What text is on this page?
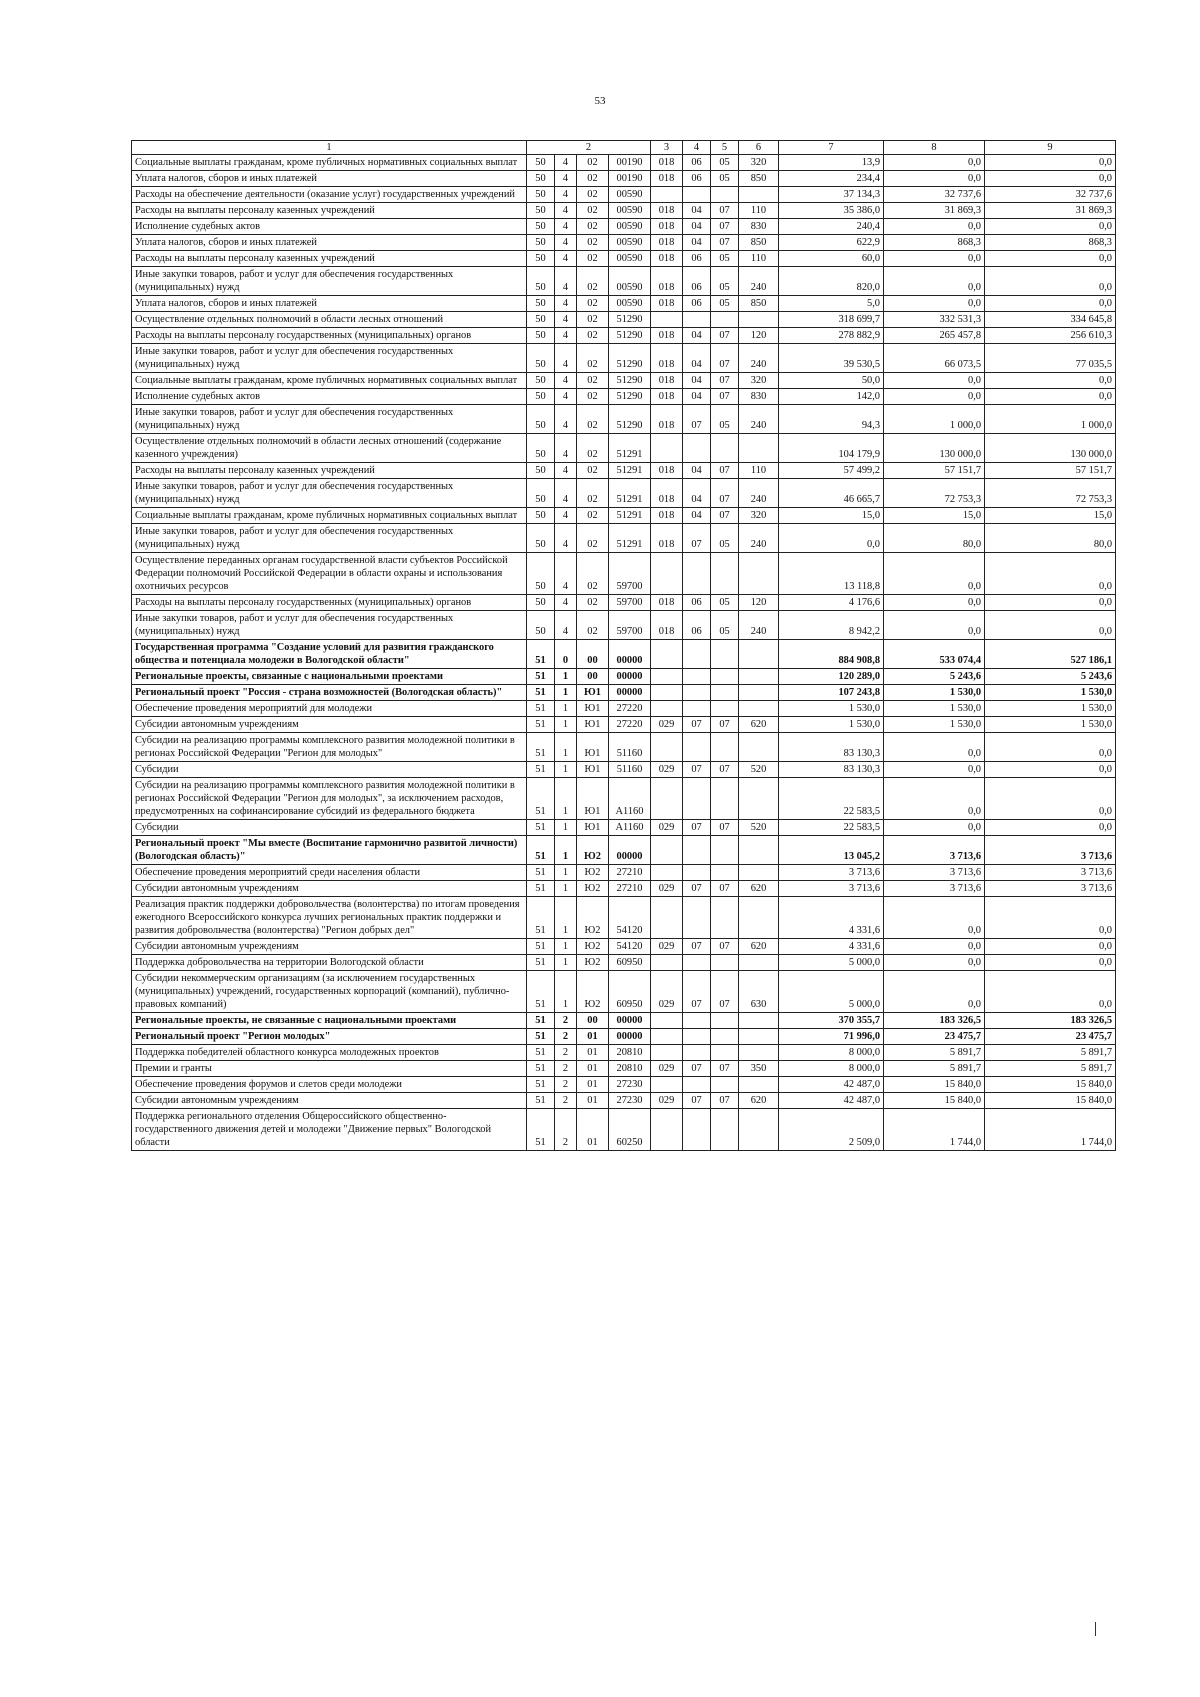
53
1	2				3	4	5	6	7	8	9
Социальные выплаты гражданам, кроме публичных нормативных социальных выплат	50	4	02	00190	018	06	05	320	13,9	0,0	0,0
Уплата налогов, сборов и иных платежей	50	4	02	00190	018	06	05	850	234,4	0,0	0,0
Расходы на обеспечение деятельности (оказание услуг) государственных учреждений	50	4	02	00590					37 134,3	32 737,6	32 737,6
Расходы на выплаты персоналу казенных учреждений	50	4	02	00590	018	04	07	110	35 386,0	31 869,3	31 869,3
Исполнение судебных актов	50	4	02	00590	018	04	07	830	240,4	0,0	0,0
Уплата налогов, сборов и иных платежей	50	4	02	00590	018	04	07	850	622,9	868,3	868,3
Расходы на выплаты персоналу казенных учреждений	50	4	02	00590	018	06	05	110	60,0	0,0	0,0
Иные закупки товаров, работ и услуг для обеспечения государственных (муниципальных) нужд	50	4	02	00590	018	06	05	240	820,0	0,0	0,0
Уплата налогов, сборов и иных платежей	50	4	02	00590	018	06	05	850	5,0	0,0	0,0
Осуществление отдельных полномочий в области лесных отношений	50	4	02	51290					318 699,7	332 531,3	334 645,8
Расходы на выплаты персоналу государственных (муниципальных) органов	50	4	02	51290	018	04	07	120	278 882,9	265 457,8	256 610,3
Иные закупки товаров, работ и услуг для обеспечения государственных (муниципальных) нужд	50	4	02	51290	018	04	07	240	39 530,5	66 073,5	77 035,5
Социальные выплаты гражданам, кроме публичных нормативных социальных выплат	50	4	02	51290	018	04	07	320	50,0	0,0	0,0
Исполнение судебных актов	50	4	02	51290	018	04	07	830	142,0	0,0	0,0
Иные закупки товаров, работ и услуг для обеспечения государственных (муниципальных) нужд	50	4	02	51290	018	07	05	240	94,3	1 000,0	1 000,0
Осуществление отдельных полномочий в области лесных отношений (содержание казенного учреждения)	50	4	02	51291					104 179,9	130 000,0	130 000,0
Расходы на выплаты персоналу казенных учреждений	50	4	02	51291	018	04	07	110	57 499,2	57 151,7	57 151,7
Иные закупки товаров, работ и услуг для обеспечения государственных (муниципальных) нужд	50	4	02	51291	018	04	07	240	46 665,7	72 753,3	72 753,3
Социальные выплаты гражданам, кроме публичных нормативных социальных выплат	50	4	02	51291	018	04	07	320	15,0	15,0	15,0
Иные закупки товаров, работ и услуг для обеспечения государственных (муниципальных) нужд	50	4	02	51291	018	07	05	240	0,0	80,0	80,0
Осуществление переданных органам государственной власти субъектов Российской Федерации полномочий Российской Федерации в области охраны и использования охотничьих ресурсов	50	4	02	59700					13 118,8	0,0	0,0
Расходы на выплаты персоналу государственных (муниципальных) органов	50	4	02	59700	018	06	05	120	4 176,6	0,0	0,0
Иные закупки товаров, работ и услуг для обеспечения государственных (муниципальных) нужд	50	4	02	59700	018	06	05	240	8 942,2	0,0	0,0
Государственная программа "Создание условий для развития гражданского общества и потенциала молодежи в Вологодской области"	51	0	00	00000					884 908,8	533 074,4	527 186,1
Региональные проекты, связанные с национальными проектами	51	1	00	00000					120 289,0	5 243,6	5 243,6
Региональный проект "Россия - страна возможностей (Вологодская область)"	51	1	Ю1	00000					107 243,8	1 530,0	1 530,0
Обеспечение проведения мероприятий для молодежи	51	1	Ю1	27220					1 530,0	1 530,0	1 530,0
Субсидии автономным учреждениям	51	1	Ю1	27220	029	07	07	620	1 530,0	1 530,0	1 530,0
Субсидии на реализацию программы комплексного развития молодежной политики в регионах Российской Федерации "Регион для молодых"	51	1	Ю1	51160					83 130,3	0,0	0,0
Субсидии	51	1	Ю1	51160	029	07	07	520	83 130,3	0,0	0,0
Субсидии на реализацию программы комплексного развития молодежной политики в регионах Российской Федерации "Регион для молодых", за исключением расходов, предусмотренных на софинансирование субсидий из федерального бюджета	51	1	Ю1	А1160					22 583,5	0,0	0,0
Субсидии	51	1	Ю1	А1160	029	07	07	520	22 583,5	0,0	0,0
Региональный проект "Мы вместе (Воспитание гармонично развитой личности) (Вологодская область)"	51	1	Ю2	00000					13 045,2	3 713,6	3 713,6
Обеспечение проведения мероприятий среди населения области	51	1	Ю2	27210					3 713,6	3 713,6	3 713,6
Субсидии автономным учреждениям	51	1	Ю2	27210	029	07	07	620	3 713,6	3 713,6	3 713,6
Реализация практик поддержки добровольчества (волонтерства) по итогам проведения ежегодного Всероссийского конкурса лучших региональных практик поддержки и развития добровольчества (волонтерства) "Регион добрых дел"	51	1	Ю2	54120					4 331,6	0,0	0,0
Субсидии автономным учреждениям	51	1	Ю2	54120	029	07	07	620	4 331,6	0,0	0,0
Поддержка добровольчества на территории Вологодской области	51	1	Ю2	60950					5 000,0	0,0	0,0
Субсидии некоммерческим организациям (за исключением государственных (муниципальных) учреждений, государственных корпораций (компаний), публично-правовых компаний)	51	1	Ю2	60950	029	07	07	630	5 000,0	0,0	0,0
Региональные проекты, не связанные с национальными проектами	51	2	00	00000					370 355,7	183 326,5	183 326,5
Региональный проект "Регион молодых"	51	2	01	00000					71 996,0	23 475,7	23 475,7
Поддержка победителей областного конкурса молодежных проектов	51	2	01	20810					8 000,0	5 891,7	5 891,7
Премии и гранты	51	2	01	20810	029	07	07	350	8 000,0	5 891,7	5 891,7
Обеспечение проведения форумов и слетов среди молодежи	51	2	01	27230					42 487,0	15 840,0	15 840,0
Субсидии автономным учреждениям	51	2	01	27230	029	07	07	620	42 487,0	15 840,0	15 840,0
Поддержка регионального отделения Общероссийского общественно-государственного движения детей и молодежи "Движение первых" Вологодской области	51	2	01	60250					2 509,0	1 744,0	1 744,0
